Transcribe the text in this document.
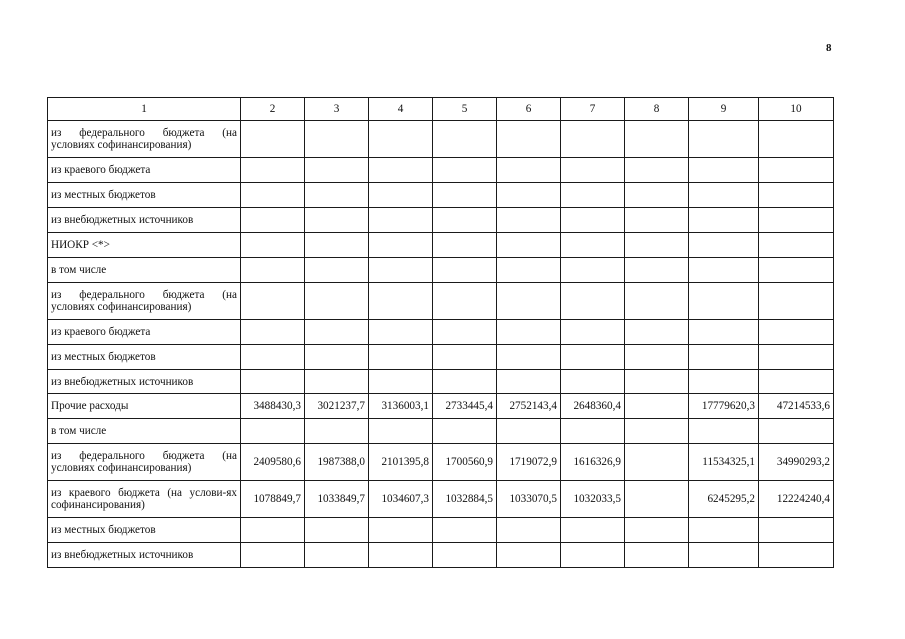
8
1	2	3	4	5	6	7	8	9	10
из федерального бюджета (на условиях софинансирования)									
из краевого бюджета									
из местных бюджетов									
из внебюджетных источников									
НИОКР <*>									
в том числе									
из федерального бюджета (на условиях софинансирования)									
из краевого бюджета									
из местных бюджетов									
из внебюджетных источников									
Прочие расходы	3488430,3	3021237,7	3136003,1	2733445,4	2752143,4	2648360,4		17779620,3	47214533,6
в том числе									
из федерального бюджета (на условиях софинансирования)	2409580,6	1987388,0	2101395,8	1700560,9	1719072,9	1616326,9		11534325,1	34990293,2
из краевого бюджета (на услови-ях софинансирования)	1078849,7	1033849,7	1034607,3	1032884,5	1033070,5	1032033,5		6245295,2	12224240,4
из местных бюджетов									
из внебюджетных источников									
